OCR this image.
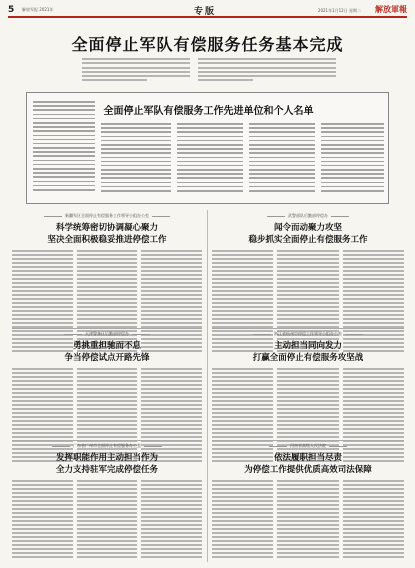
5 解放军报 2021年	专版	2021年1月12日 星期二 解放軍報
全面停止军队有偿服务任务基本完成
全面停止军队有偿服务工作先进单位和个人名单
新疆军区全面停止有偿服务工作领导小组办公室
科学统筹密切协调凝心聚力
坚决全面积极稳妥推进停偿工作
武警部队后勤部停偿办
闻令而动聚力攻坚
稳步抓实全面停止有偿服务工作
天津警备区后勤部停偿办
勇挑重担驰而不息
争当停偿试点开路先锋
浙江省杭州市停偿工作领导小组办公室
主动担当同向发力
打赢全面停止有偿服务攻坚战
广东省广州市全面停止有偿服务办公室
发挥职能作用主动担当作为
全力支持驻军完成停偿任务
河南省高级人民法院
依法履职担当尽责
为停偿工作提供优质高效司法保障
